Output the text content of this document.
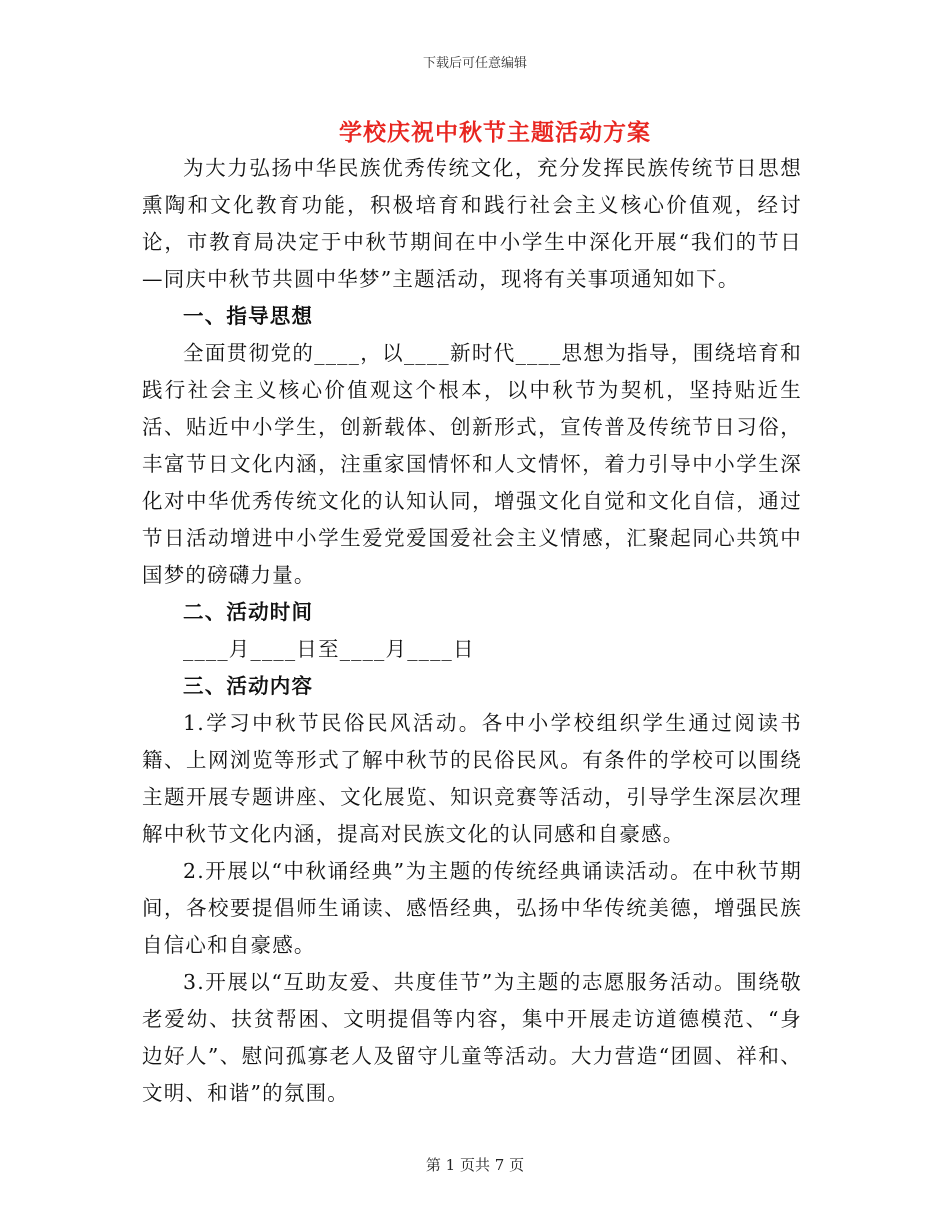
下载后可任意编辑
学校庆祝中秋节主题活动方案

为大力弘扬中华民族优秀传统文化，充分发挥民族传统节日思想熏陶和文化教育功能，积极培育和践行社会主义核心价值观，经讨论，市教育局决定于中秋节期间在中小学生中深化开展“我们的节日—同庆中秋节共圆中华梦”主题活动，现将有关事项通知如下。

一、指导思想

全面贯彻党的____，以____新时代____思想为指导，围绕培育和践行社会主义核心价值观这个根本，以中秋节为契机，坚持贴近生活、贴近中小学生，创新载体、创新形式，宣传普及传统节日习俗，丰富节日文化内涵，注重家国情怀和人文情怀，着力引导中小学生深化对中华优秀传统文化的认知认同，增强文化自觉和文化自信，通过节日活动增进中小学生爱党爱国爱社会主义情感，汇聚起同心共筑中国梦的磅礴力量。

二、活动时间

____月____日至____月____日

三、活动内容

1.学习中秋节民俗民风活动。各中小学校组织学生通过阅读书籍、上网浏览等形式了解中秋节的民俗民风。有条件的学校可以围绕主题开展专题讲座、文化展览、知识竞赛等活动，引导学生深层次理解中秋节文化内涵，提高对民族文化的认同感和自豪感。

2.开展以“中秋诵经典”为主题的传统经典诵读活动。在中秋节期间，各校要提倡师生诵读、感悟经典，弘扬中华传统美德，增强民族自信心和自豪感。

3.开展以“互助友爱、共度佳节”为主题的志愿服务活动。围绕敬老爱幼、扶贫帮困、文明提倡等内容，集中开展走访道德模范、“身边好人”、慰问孤寡老人及留守儿童等活动。大力营造“团圆、祥和、文明、和谐”的氛围。

第 1 页共 7 页
